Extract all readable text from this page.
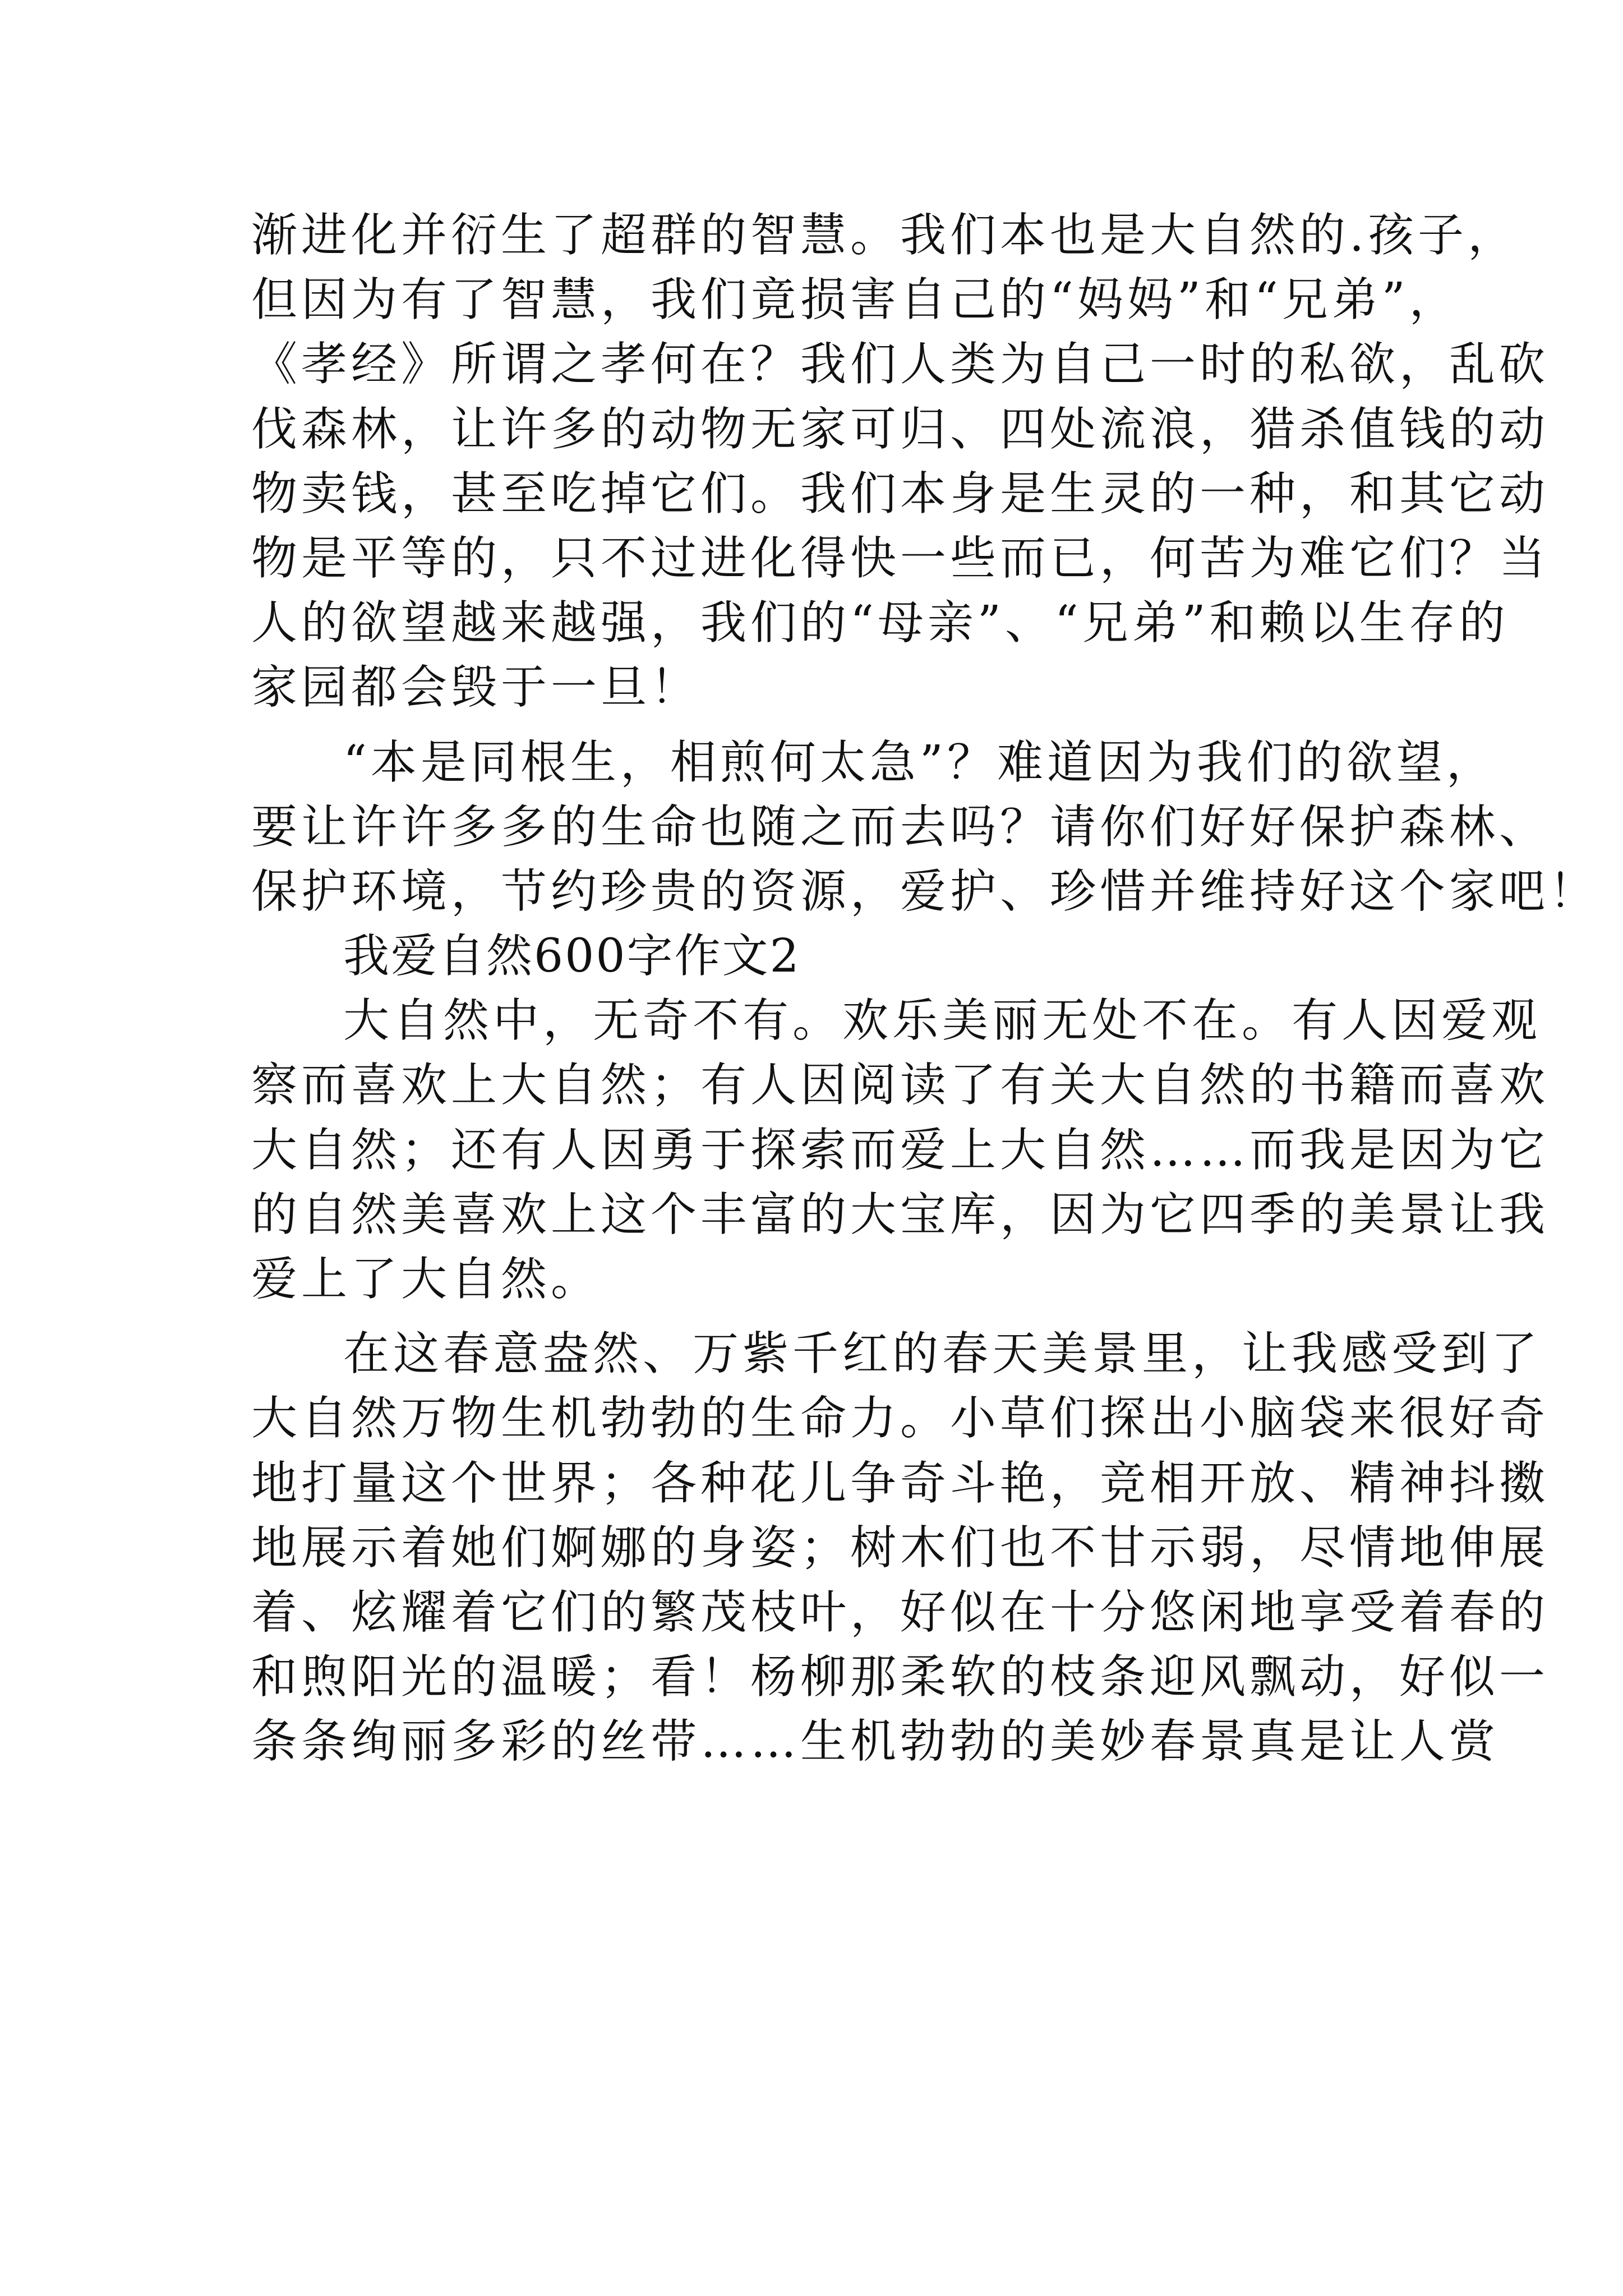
渐进化并衍生了超群的智慧。我们本也是大自然的.孩子，
但因为有了智慧，我们竟损害自己的“妈妈”和“兄弟”，
《孝经》所谓之孝何在？我们人类为自己一时的私欲，乱砍
伐森林，让许多的动物无家可归、四处流浪，猎杀值钱的动
物卖钱，甚至吃掉它们。我们本身是生灵的一种，和其它动
物是平等的，只不过进化得快一些而已，何苦为难它们？当
人的欲望越来越强，我们的“母亲”、“兄弟”和赖以生存的
家园都会毁于一旦！
“本是同根生，相煎何太急”？难道因为我们的欲望，
要让许许多多的生命也随之而去吗？请你们好好保护森林、
保护环境，节约珍贵的资源，爱护、珍惜并维持好这个家吧！
我爱自然600字作文2
大自然中，无奇不有。欢乐美丽无处不在。有人因爱观
察而喜欢上大自然；有人因阅读了有关大自然的书籍而喜欢
大自然；还有人因勇于探索而爱上大自然……而我是因为它
的自然美喜欢上这个丰富的大宝库，因为它四季的美景让我
爱上了大自然。
在这春意盎然、万紫千红的春天美景里，让我感受到了
大自然万物生机勃勃的生命力。小草们探出小脑袋来很好奇
地打量这个世界；各种花儿争奇斗艳，竞相开放、精神抖擞
地展示着她们婀娜的身姿；树木们也不甘示弱，尽情地伸展
着、炫耀着它们的繁茂枝叶，好似在十分悠闲地享受着春的
和煦阳光的温暖；看！杨柳那柔软的枝条迎风飘动，好似一
条条绚丽多彩的丝带……生机勃勃的美妙春景真是让人赏
